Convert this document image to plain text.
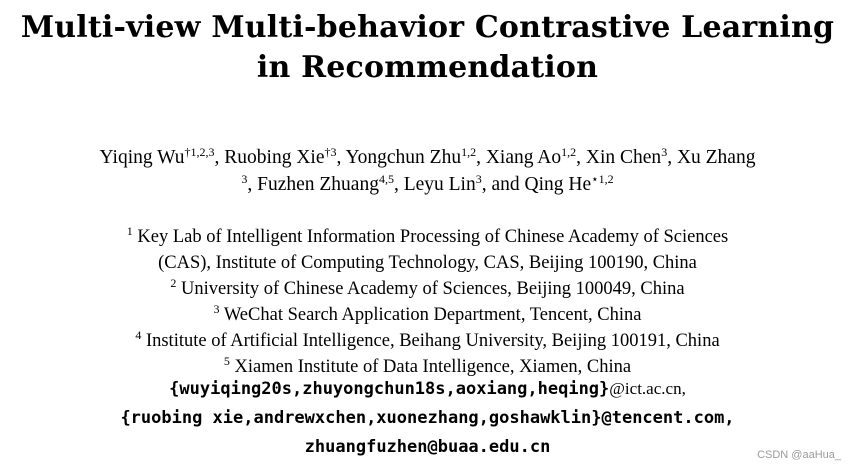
Multi-view Multi-behavior Contrastive Learning
in Recommendation
Yiqing Wu$^{\dagger 1,2,3}$, Ruobing Xie$^{\dagger 3}$, Yongchun Zhu$^{1,2}$, Xiang Ao$^{1,2}$, Xin Chen$^3$, Xu Zhang
$^3$, Fuzhen Zhuang$^{4,5}$, Leyu Lin$^3$, and Qing $He^{⋆1,2}$
$^1$ Key Lab of Intelligent Information Processing of Chinese Academy of Sciences
(CAS), Institute of Computing Technology, CAS, Beijing 100190, China
$^2$ University of Chinese Academy of Sciences, Beijing 100049, China
$^3$ WeChat Search Application Department, Tencent, China
$^4$ Institute of Artificial Intelligence, Beihang University, Beijing 100191, China
$^5$ Xiamen Institute of Data Intelligence, Xiamen, China
{wuyiqing20s,zhuyongchun18s,aoxiang,heqing}@ict.ac.cn,
{ruobing xie,andrewxchen,xuonezhang,goshawklin}@tencent.com,
zhuangfuzhen@buaa.edu.cn	CSDN @aaHua_
